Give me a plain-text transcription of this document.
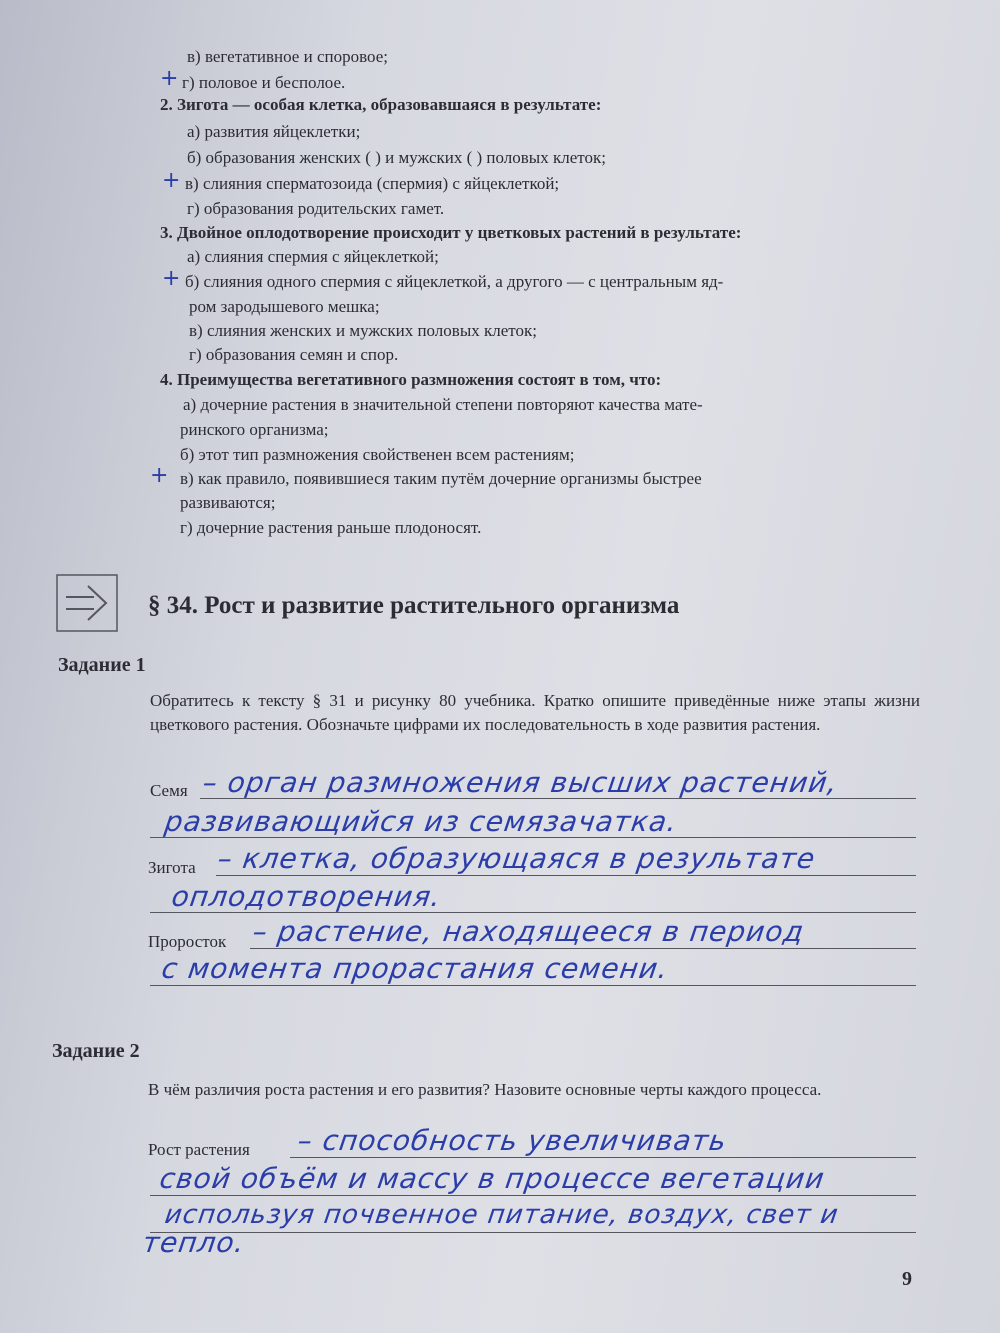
в) вегетативное и споровое;
+ г) половое и бесполое.
2. Зигота — особая клетка, образовавшаяся в результате:
а) развития яйцеклетки;
б) образования женских ( ) и мужских ( ) половых клеток;
+ в) слияния сперматозоида (спермия) с яйцеклеткой;
г) образования родительских гамет.
3. Двойное оплодотворение происходит у цветковых растений в результате:
а) слияния спермия с яйцеклеткой;
+ б) слияния одного спермия с яйцеклеткой, а другого — с центральным яд-
ром зародышевого мешка;
в) слияния женских и мужских половых клеток;
г) образования семян и спор.
4. Преимущества вегетативного размножения состоят в том, что:
а) дочерние растения в значительной степени повторяют качества мате-
ринского организма;
б) этот тип размножения свойственен всем растениям;
+ в) как правило, появившиеся таким путём дочерние организмы быстрее
развиваются;
г) дочерние растения раньше плодоносят.
§ 34. Рост и развитие растительного организма
Задание 1
Обратитесь к тексту § 31 и рисунку 80 учебника. Кратко опишите приведённые ниже этапы жизни цветкового растения. Обозначьте цифрами их последовательность в ходе развития растения.
Семя – орган размножения высших растений,
развивающийся из семязачатка.
Зигота – клетка, образующаяся в результате
оплодотворения.
Проросток – растение, находящееся в период
с момента прорастания семени.
Задание 2
В чём различия роста растения и его развития? Назовите основные черты каждого процесса.
Рост растения – способность увеличивать
свой объём и массу в процессе вегетации
используя почвенное питание, воздух, свет и
тепло.
9
